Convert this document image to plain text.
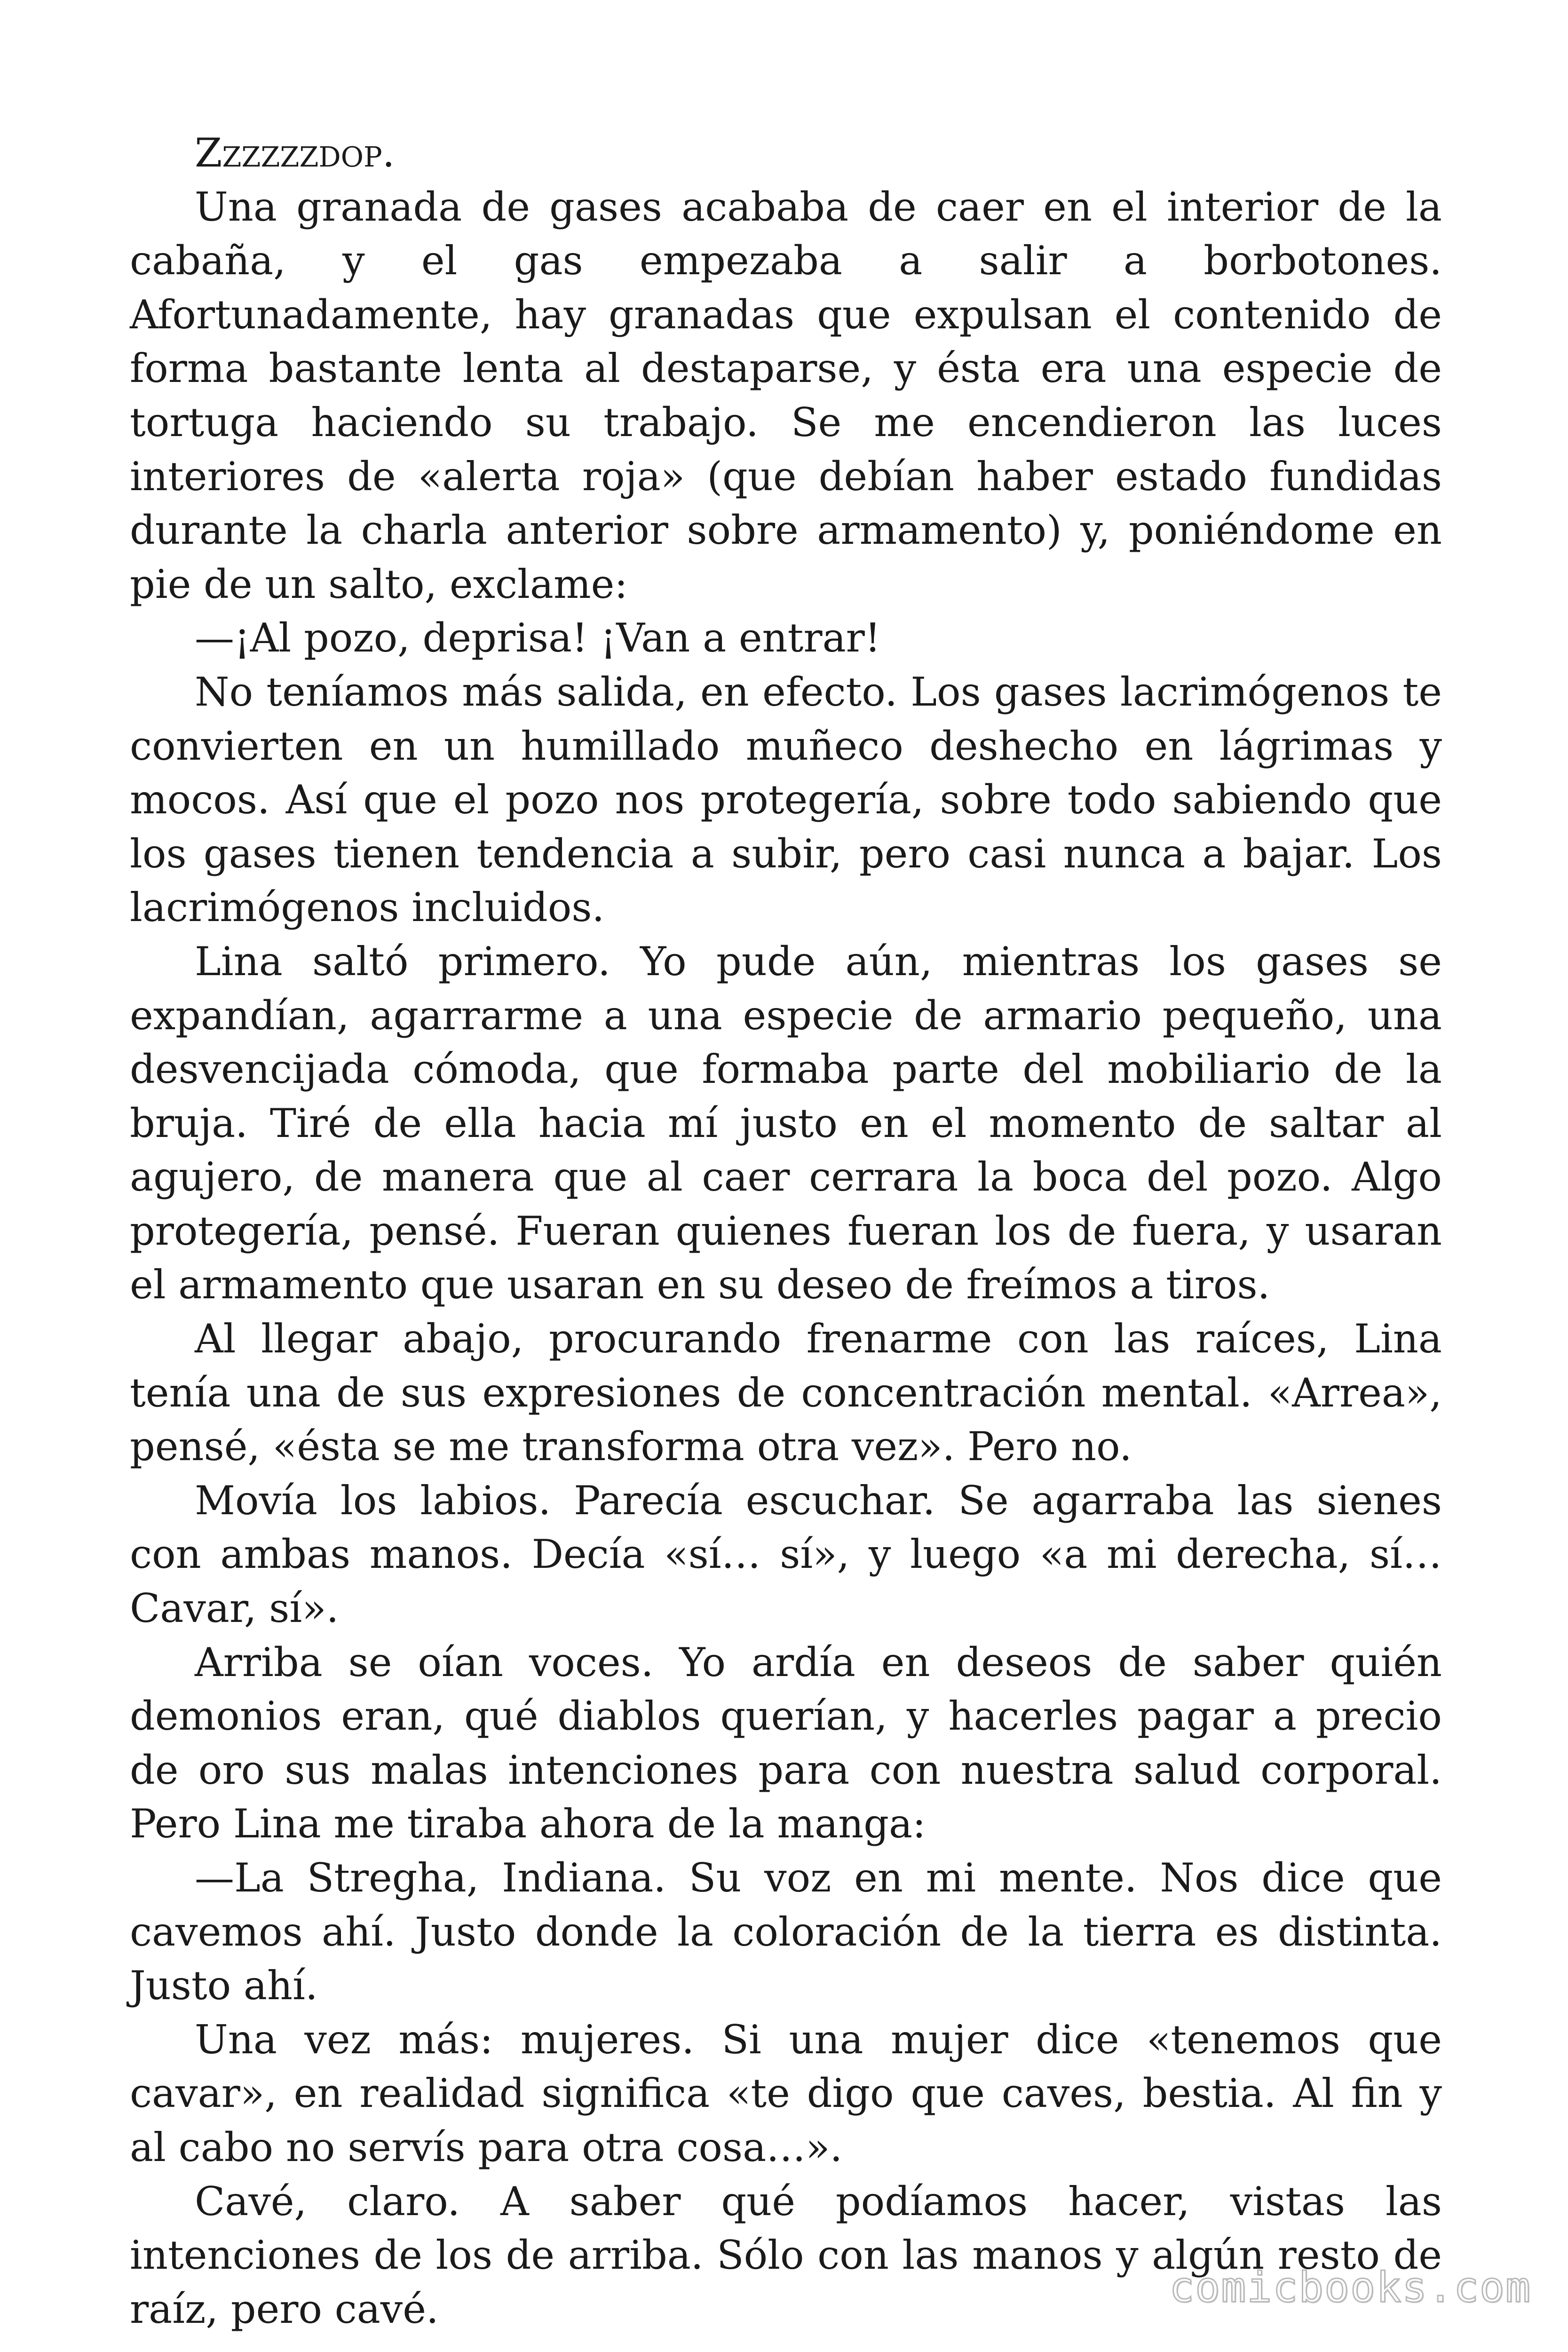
Zzzzzzdop.

Una granada de gases acababa de caer en el interior de la cabaña, y el gas empezaba a salir a borbotones. Afortunadamente, hay granadas que expulsan el contenido de forma bastante lenta al destaparse, y ésta era una especie de tortuga haciendo su trabajo. Se me encendieron las luces interiores de «alerta roja» (que debían haber estado fundidas durante la charla anterior sobre armamento) y, poniéndome en pie de un salto, exclame:

—¡Al pozo, deprisa! ¡Van a entrar!

No teníamos más salida, en efecto. Los gases lacrimógenos te convierten en un humillado muñeco deshecho en lágrimas y mocos. Así que el pozo nos protegería, sobre todo sabiendo que los gases tienen tendencia a subir, pero casi nunca a bajar. Los lacrimógenos incluidos.

Lina saltó primero. Yo pude aún, mientras los gases se expandían, agarrarme a una especie de armario pequeño, una desvencijada cómoda, que formaba parte del mobiliario de la bruja. Tiré de ella hacia mí justo en el momento de saltar al agujero, de manera que al caer cerrara la boca del pozo. Algo protegería, pensé. Fueran quienes fueran los de fuera, y usaran el armamento que usaran en su deseo de freímos a tiros.

Al llegar abajo, procurando frenarme con las raíces, Lina tenía una de sus expresiones de concentración mental. «Arrea», pensé, «ésta se me transforma otra vez». Pero no.

Movía los labios. Parecía escuchar. Se agarraba las sienes con ambas manos. Decía «sí… sí», y luego «a mi derecha, sí… Cavar, sí».

Arriba se oían voces. Yo ardía en deseos de saber quién demonios eran, qué diablos querían, y hacerles pagar a precio de oro sus malas intenciones para con nuestra salud corporal. Pero Lina me tiraba ahora de la manga:

—La Stregha, Indiana. Su voz en mi mente. Nos dice que cavemos ahí. Justo donde la coloración de la tierra es distinta. Justo ahí.

Una vez más: mujeres. Si una mujer dice «tenemos que cavar», en realidad significa «te digo que caves, bestia. Al fin y al cabo no servís para otra cosa…».

Cavé, claro. A saber qué podíamos hacer, vistas las intenciones de los de arriba. Sólo con las manos y algún resto de raíz, pero cavé.	comicbooks.com
